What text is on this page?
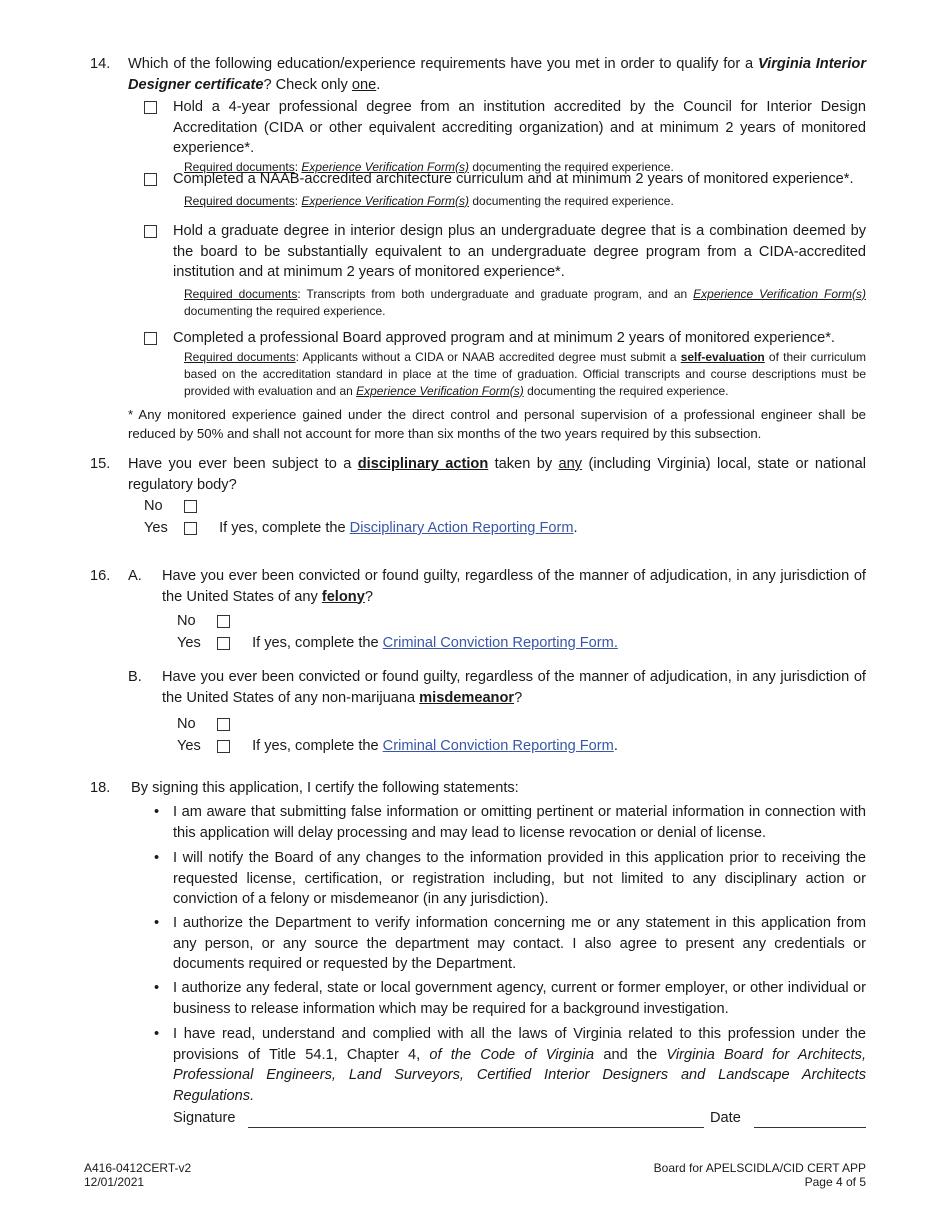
14. Which of the following education/experience requirements have you met in order to qualify for a Virginia Interior Designer certificate? Check only one.
Hold a 4-year professional degree from an institution accredited by the Council for Interior Design Accreditation (CIDA or other equivalent accrediting organization) and at minimum 2 years of monitored experience*.
Required documents: Experience Verification Form(s) documenting the required experience.
Completed a NAAB-accredited architecture curriculum and at minimum 2 years of monitored experience*.
Required documents: Experience Verification Form(s) documenting the required experience.
Hold a graduate degree in interior design plus an undergraduate degree that is a combination deemed by the board to be substantially equivalent to an undergraduate degree program from a CIDA-accredited institution and at minimum 2 years of monitored experience*.
Required documents: Transcripts from both undergraduate and graduate program, and an Experience Verification Form(s) documenting the required experience.
Completed a professional Board approved program and at minimum 2 years of monitored experience*.
Required documents: Applicants without a CIDA or NAAB accredited degree must submit a self-evaluation of their curriculum based on the accreditation standard in place at the time of graduation. Official transcripts and course descriptions must be provided with evaluation and an Experience Verification Form(s) documenting the required experience.
* Any monitored experience gained under the direct control and personal supervision of a professional engineer shall be reduced by 50% and shall not account for more than six months of the two years required by this subsection.
15. Have you ever been subject to a disciplinary action taken by any (including Virginia) local, state or national regulatory body?
No
Yes	If yes, complete the Disciplinary Action Reporting Form.
16. A. Have you ever been convicted or found guilty, regardless of the manner of adjudication, in any jurisdiction of the United States of any felony?
No
Yes	If yes, complete the Criminal Conviction Reporting Form.
B. Have you ever been convicted or found guilty, regardless of the manner of adjudication, in any jurisdiction of the United States of any non-marijuana misdemeanor?
No
Yes	If yes, complete the Criminal Conviction Reporting Form.
18. By signing this application, I certify the following statements:
• I am aware that submitting false information or omitting pertinent or material information in connection with this application will delay processing and may lead to license revocation or denial of license.
• I will notify the Board of any changes to the information provided in this application prior to receiving the requested license, certification, or registration including, but not limited to any disciplinary action or conviction of a felony or misdemeanor (in any jurisdiction).
• I authorize the Department to verify information concerning me or any statement in this application from any person, or any source the department may contact. I also agree to present any credentials or documents required or requested by the Department.
• I authorize any federal, state or local government agency, current or former employer, or other individual or business to release information which may be required for a background investigation.
• I have read, understand and complied with all the laws of Virginia related to this profession under the provisions of Title 54.1, Chapter 4, of the Code of Virginia and the Virginia Board for Architects, Professional Engineers, Land Surveyors, Certified Interior Designers and Landscape Architects Regulations.
Signature	Date
A416-0412CERT-v2
12/01/2021
Board for APELSCIDLA/CID CERT APP
Page 4 of 5
